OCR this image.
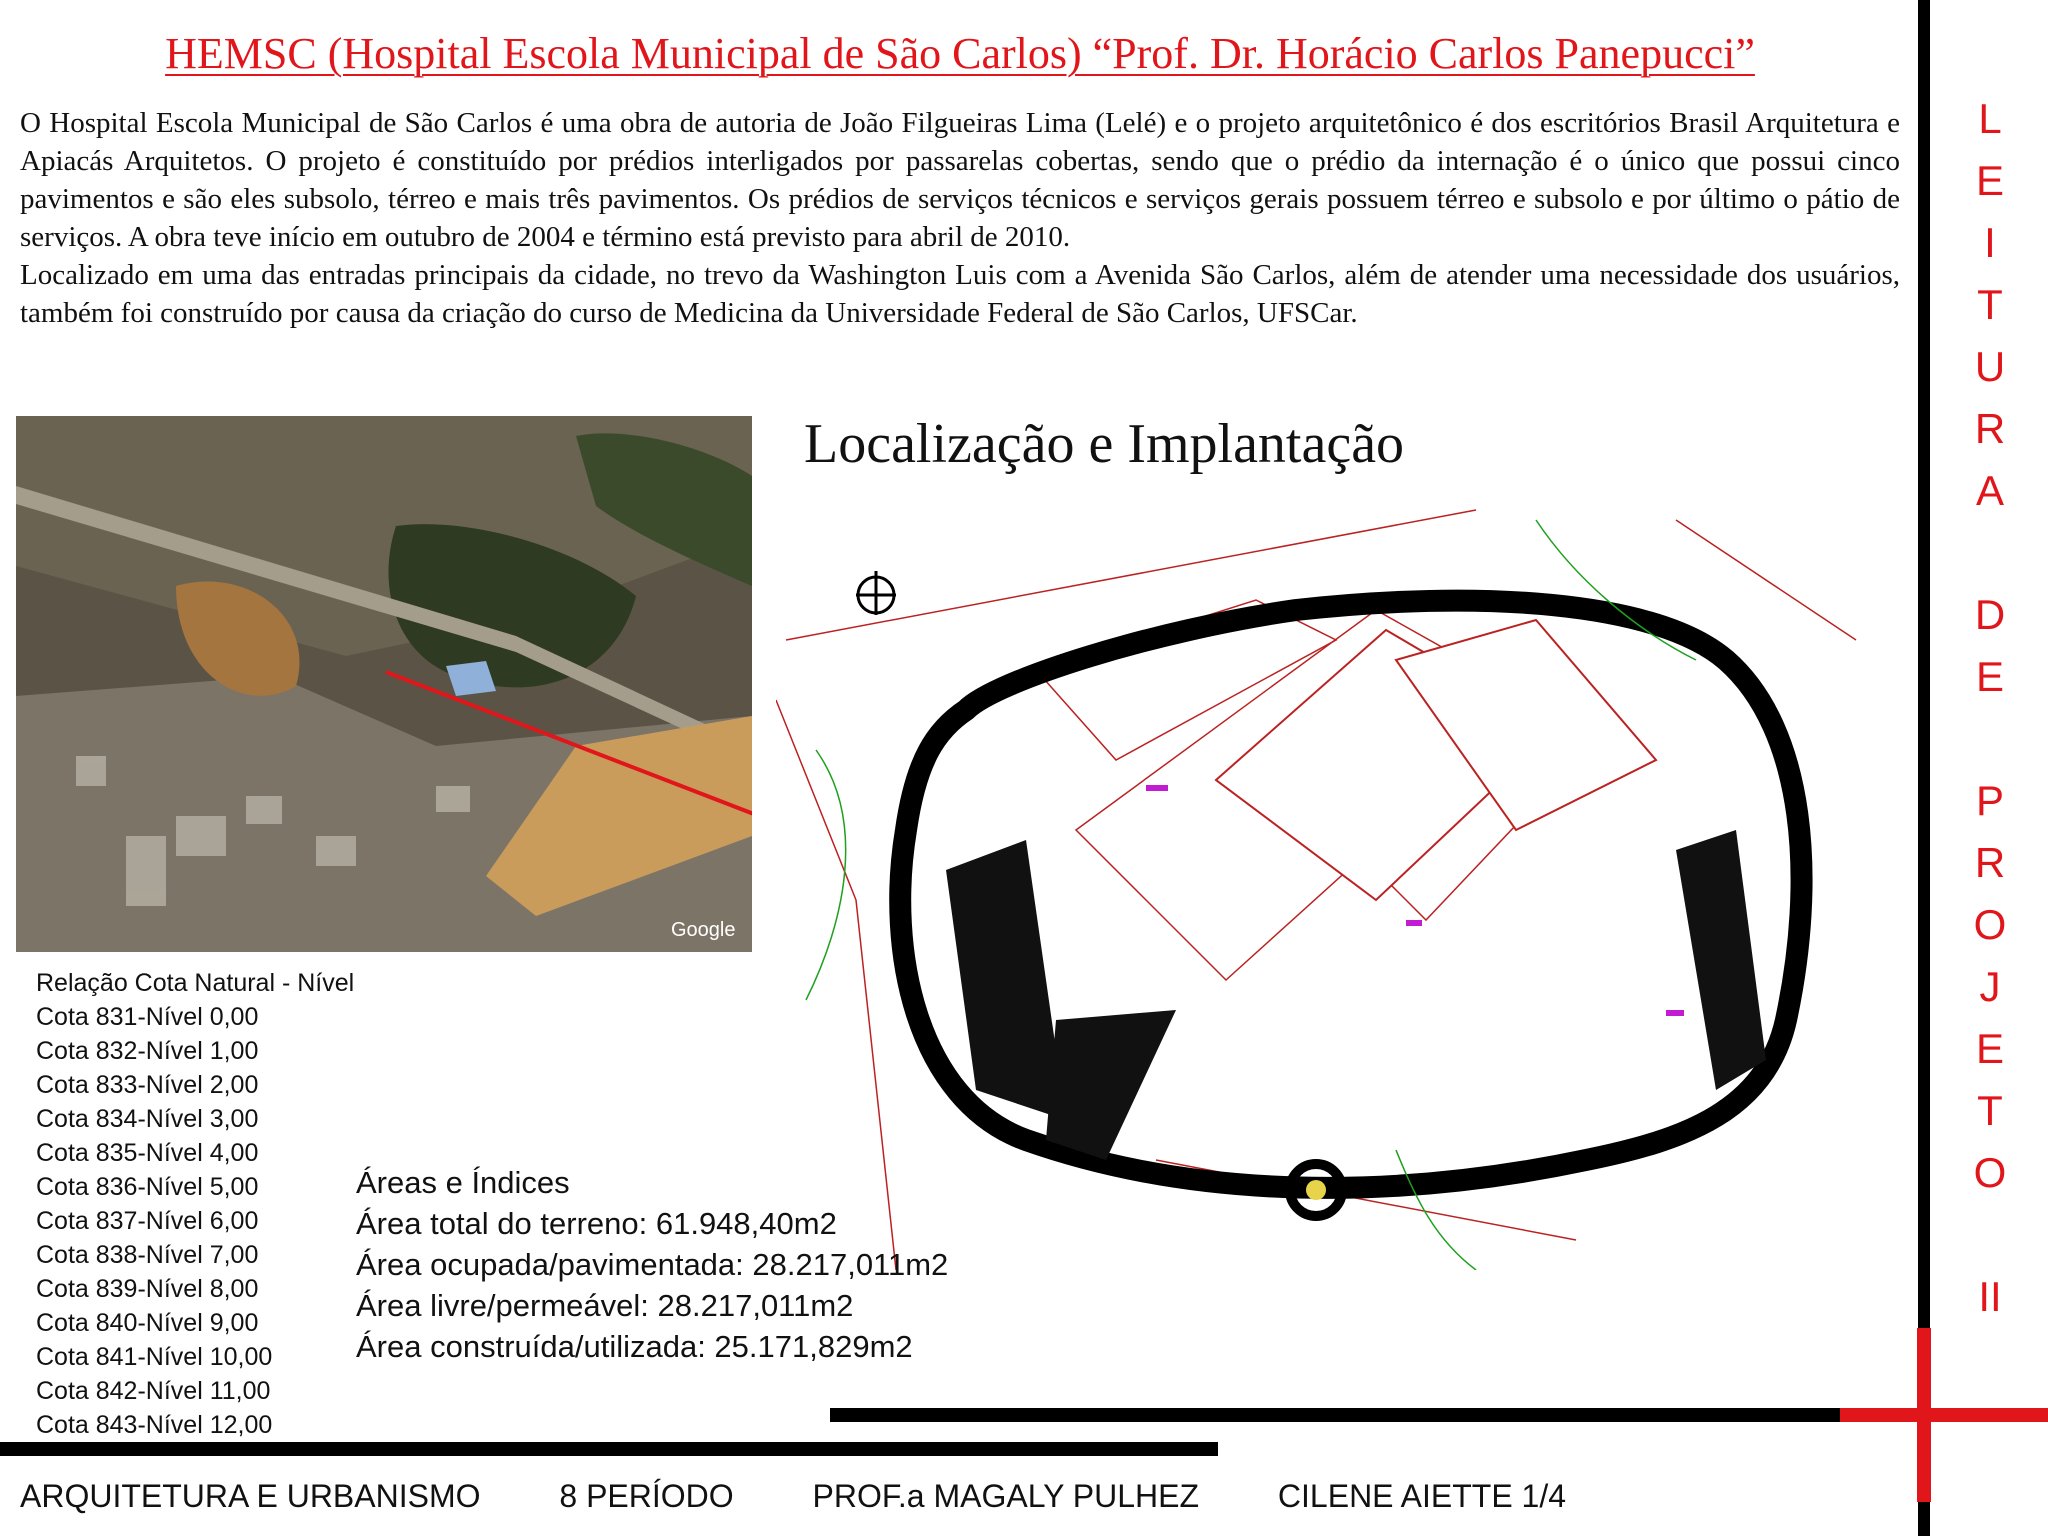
HEMSC (Hospital Escola Municipal de São Carlos) “Prof. Dr. Horácio Carlos Panepucci”

O Hospital Escola Municipal de São Carlos é uma obra de autoria de João Filgueiras Lima (Lelé) e o projeto arquitetônico é dos escritórios Brasil Arquitetura e Apiacás Arquitetos. O projeto é constituído por prédios interligados por passarelas cobertas, sendo que o prédio da internação é o único que possui cinco pavimentos e são eles subsolo, térreo e mais três pavimentos. Os prédios de serviços técnicos e serviços gerais possuem térreo e subsolo e por último o pátio de serviços. A obra teve início em outubro de 2004 e término está previsto para abril de 2010.

Localizado em uma das entradas principais da cidade, no trevo da Washington Luis com a Avenida São Carlos, além de atender uma necessidade dos usuários, também foi construído por causa da criação do curso de Medicina da Universidade Federal de São Carlos, UFSCar.

Google
Localização e Implantação
Relação Cota Natural - Nível
Cota 831-Nível 0,00
Cota 832-Nível 1,00
Cota 833-Nível 2,00
Cota 834-Nível 3,00
Cota 835-Nível 4,00
Cota 836-Nível 5,00
Cota 837-Nível 6,00
Cota 838-Nível 7,00
Cota 839-Nível 8,00
Cota 840-Nível 9,00
Cota 841-Nível 10,00
Cota 842-Nível 11,00
Cota 843-Nível 12,00
Áreas e Índices
Área total do terreno: 61.948,40m2
Área ocupada/pavimentada: 28.217,011m2
Área livre/permeável: 28.217,011m2
Área construída/utilizada: 25.171,829m2
L
E
I
T
U
R
A
D
E
P
R
O
J
E
T
O
II
ARQUITETURA E URBANISMO 8 PERÍODO PROF.a MAGALY PULHEZ CILENE AIETTE 1/4
